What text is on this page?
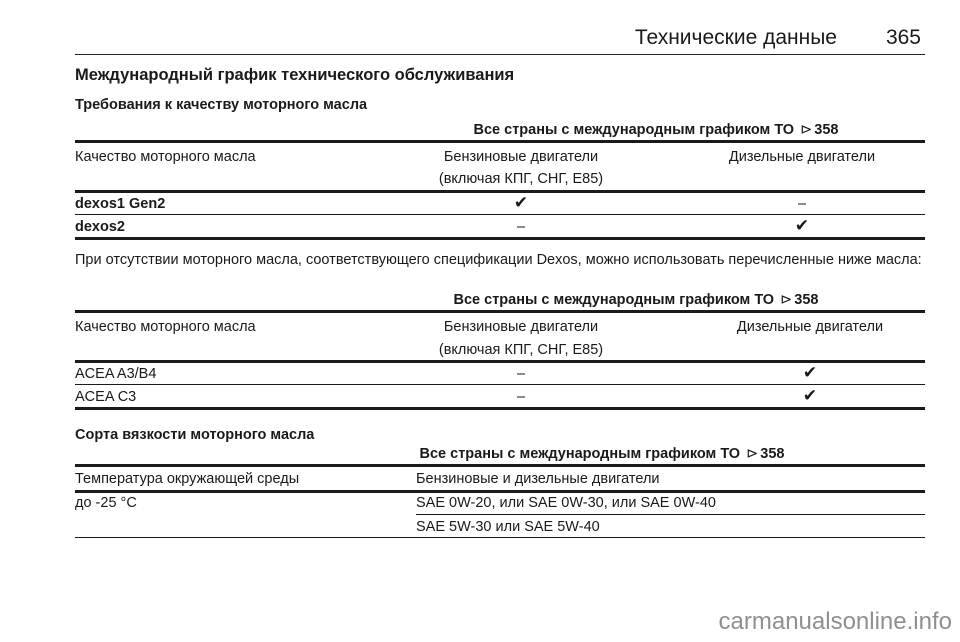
Технические данные 365
Международный график технического обслуживания
Требования к качеству моторного масла
Все страны с международным графиком ТО ⊳ 358
Качество моторного масла	Бензиновые двигатели	Дизельные двигатели
(включая КПГ, СНГ, E85)
dexos1 Gen2	✔	–
dexos2	–	✔
При отсутствии моторного масла, соответствующего спецификации Dexos, можно использовать перечисленные ниже масла:
Все страны с международным графиком ТО ⊳ 358
Качество моторного масла	Бензиновые двигатели	Дизельные двигатели
(включая КПГ, СНГ, E85)
ACEA A3/B4	–	✔
ACEA C3	–	✔
Сорта вязкости моторного масла
Все страны с международным графиком ТО ⊳ 358
Температура окружающей среды	Бензиновые и дизельные двигатели
до -25 °C	SAE 0W-20, или SAE 0W-30, или SAE 0W-40
SAE 5W-30 или SAE 5W-40
carmanualsonline.info
